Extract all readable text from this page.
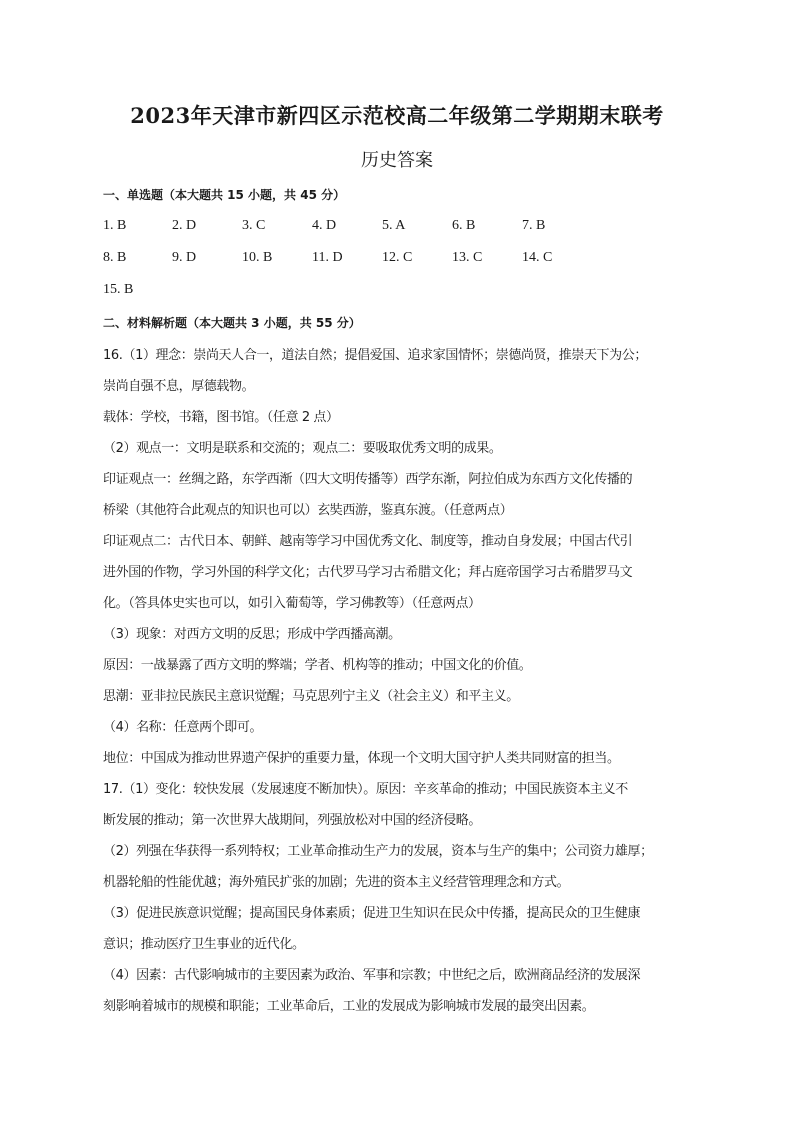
2023年天津市新四区示范校高二年级第二学期期末联考
历史答案
一、单选题（本大题共 15 小题，共 45 分）
1. B	2. D	3. C	4. D	5. A	6. B	7. B
8. B	9. D	10. B	11. D	12. C	13. C	14. C
15. B
二、材料解析题（本大题共 3 小题，共 55 分）
16.（1）理念：崇尚天人合一，道法自然；提倡爱国、追求家国情怀；崇德尚贤，推崇天下为公；
崇尚自强不息，厚德载物。
载体：学校，书籍，图书馆。（任意 2 点）
（2）观点一：文明是联系和交流的；观点二：要吸取优秀文明的成果。
印证观点一：丝绸之路，东学西渐（四大文明传播等）西学东渐，阿拉伯成为东西方文化传播的
桥梁（其他符合此观点的知识也可以）玄奘西游，鉴真东渡。（任意两点）
印证观点二：古代日本、朝鲜、越南等学习中国优秀文化、制度等，推动自身发展；中国古代引
进外国的作物，学习外国的科学文化；古代罗马学习古希腊文化；拜占庭帝国学习古希腊罗马文
化。（答具体史实也可以，如引入葡萄等，学习佛教等）（任意两点）
（3）现象：对西方文明的反思；形成中学西播高潮。
原因：一战暴露了西方文明的弊端；学者、机构等的推动；中国文化的价值。
思潮：亚非拉民族民主意识觉醒；马克思列宁主义（社会主义）和平主义。
（4）名称：任意两个即可。
地位：中国成为推动世界遗产保护的重要力量，体现一个文明大国守护人类共同财富的担当。
17.（1）变化：较快发展（发展速度不断加快）。原因：辛亥革命的推动；中国民族资本主义不
断发展的推动；第一次世界大战期间，列强放松对中国的经济侵略。
（2）列强在华获得一系列特权；工业革命推动生产力的发展，资本与生产的集中；公司资力雄厚；
机器轮船的性能优越；海外殖民扩张的加剧；先进的资本主义经营管理理念和方式。
（3）促进民族意识觉醒；提高国民身体素质；促进卫生知识在民众中传播，提高民众的卫生健康
意识；推动医疗卫生事业的近代化。
（4）因素：古代影响城市的主要因素为政治、军事和宗教；中世纪之后，欧洲商品经济的发展深
刻影响着城市的规模和职能；工业革命后，工业的发展成为影响城市发展的最突出因素。
